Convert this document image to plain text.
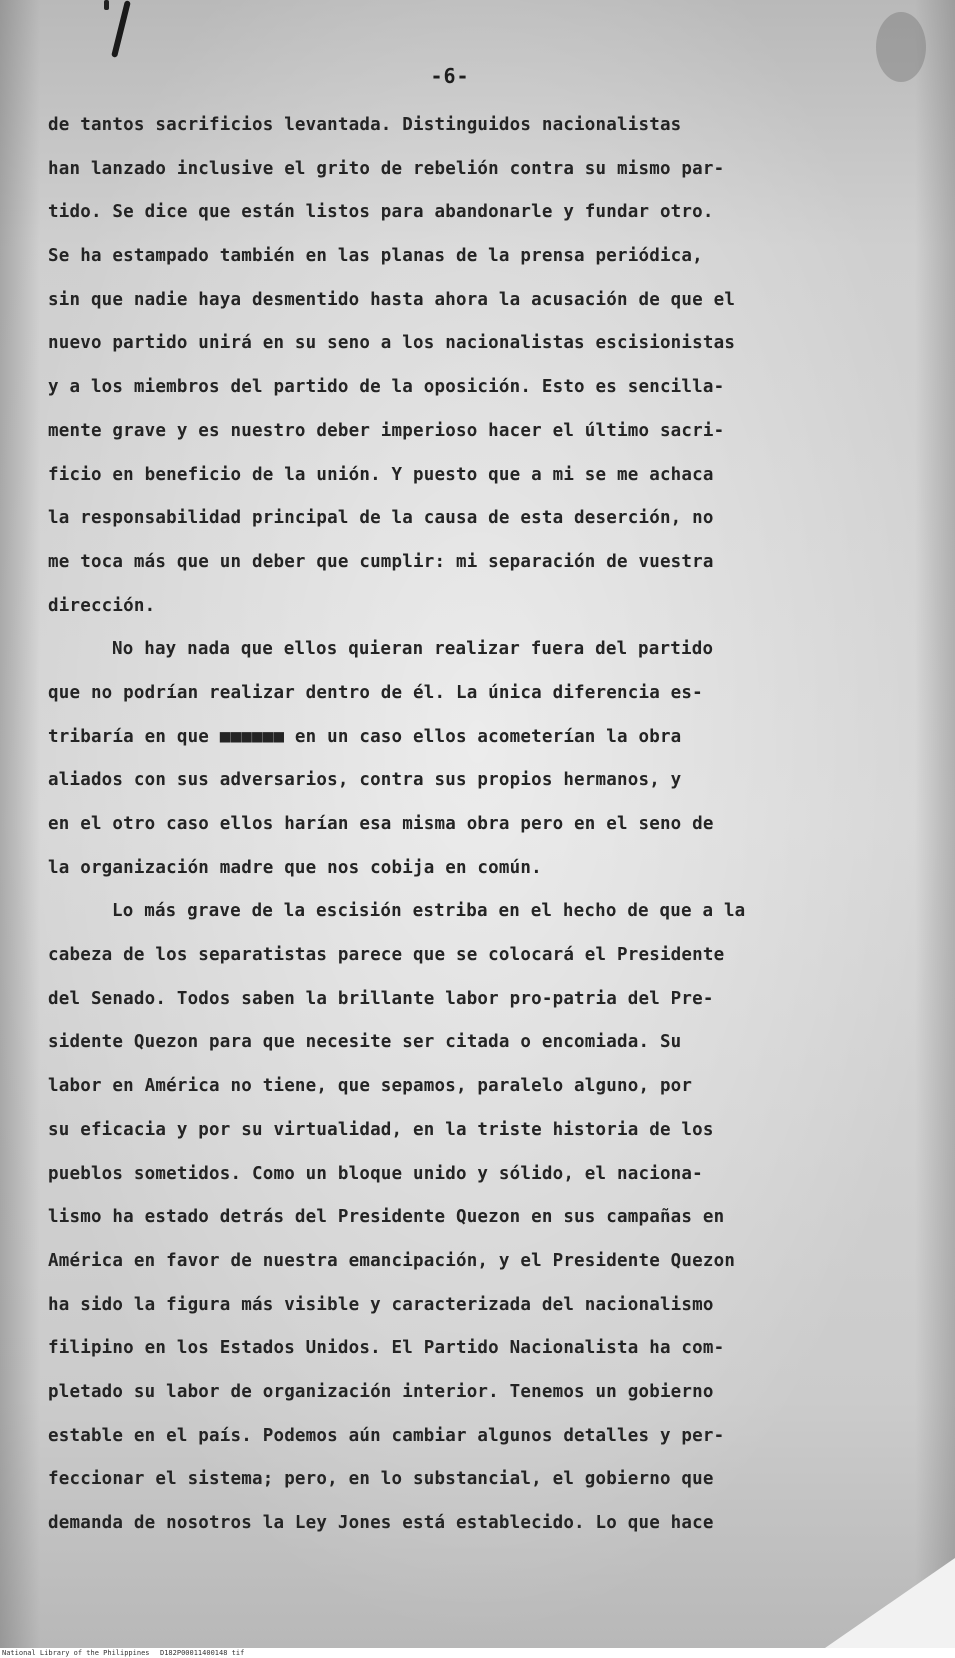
-6-
de tantos sacrificios levantada. Distinguidos nacionalistas
han lanzado inclusive el grito de rebelión contra su mismo par-
tido. Se dice que están listos para abandonarle y fundar otro.
Se ha estampado también en las planas de la prensa periódica,
sin que nadie haya desmentido hasta ahora la acusación de que el
nuevo partido unirá en su seno a los nacionalistas escisionistas
y a los miembros del partido de la oposición. Esto es sencilla-
mente grave y es nuestro deber imperioso hacer el último sacri-
ficio en beneficio de la unión. Y puesto que a mi se me achaca
la responsabilidad principal de la causa de esta deserción, no
me toca más que un deber que cumplir: mi separación de vuestra
dirección.
No hay nada que ellos quieran realizar fuera del partido
que no podrían realizar dentro de él. La única diferencia es-
tribaría en que ■■■■■■ en un caso ellos acometerían la obra
aliados con sus adversarios, contra sus propios hermanos, y
en el otro caso ellos harían esa misma obra pero en el seno de
la organización madre que nos cobija en común.
Lo más grave de la escisión estriba en el hecho de que a la
cabeza de los separatistas parece que se colocará el Presidente
del Senado. Todos saben la brillante labor pro-patria del Pre-
sidente Quezon para que necesite ser citada o encomiada. Su
labor en América no tiene, que sepamos, paralelo alguno, por
su eficacia y por su virtualidad, en la triste historia de los
pueblos sometidos. Como un bloque unido y sólido, el naciona-
lismo ha estado detrás del Presidente Quezon en sus campañas en
América en favor de nuestra emancipación, y el Presidente Quezon
ha sido la figura más visible y caracterizada del nacionalismo
filipino en los Estados Unidos. El Partido Nacionalista ha com-
pletado su labor de organización interior. Tenemos un gobierno
estable en el país. Podemos aún cambiar algunos detalles y per-
feccionar el sistema; pero, en lo substancial, el gobierno que
demanda de nosotros la Ley Jones está establecido. Lo que hace
National Library of the Philippines D182P00011400148 tif
